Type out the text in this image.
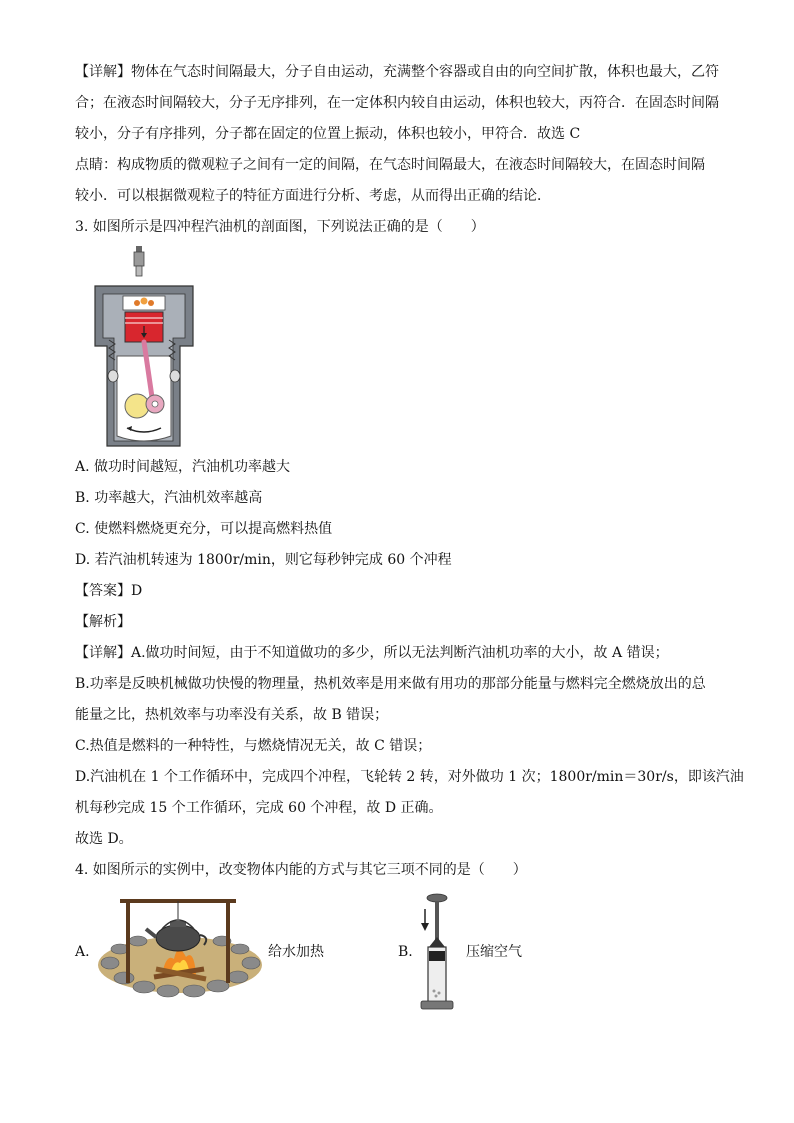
【详解】物体在气态时间隔最大，分子自由运动，充满整个容器或自由的向空间扩散，体积也最大，乙符
合；在液态时间隔较大，分子无序排列，在一定体积内较自由运动，体积也较大，丙符合．在固态时间隔
较小，分子有序排列，分子都在固定的位置上振动，体积也较小，甲符合．故选 C
点睛：构成物质的微观粒子之间有一定的间隔，在气态时间隔最大，在液态时间隔较大，在固态时间隔
较小．可以根据微观粒子的特征方面进行分析、考虑，从而得出正确的结论．
3. 如图所示是四冲程汽油机的剖面图，下列说法正确的是（　　）
A. 做功时间越短，汽油机功率越大
B. 功率越大，汽油机效率越高
C. 使燃料燃烧更充分，可以提高燃料热值
D. 若汽油机转速为 1800r/min，则它每秒钟完成 60 个冲程
【答案】D
【解析】
【详解】A.做功时间短，由于不知道做功的多少，所以无法判断汽油机功率的大小，故 A 错误；
B.功率是反映机械做功快慢的物理量，热机效率是用来做有用功的那部分能量与燃料完全燃烧放出的总
能量之比，热机效率与功率没有关系，故 B 错误；
C.热值是燃料的一种特性，与燃烧情况无关，故 C 错误；
D.汽油机在 1 个工作循环中，完成四个冲程，飞轮转 2 转，对外做功 1 次；1800r/min＝30r/s，即该汽油
机每秒完成 15 个工作循环，完成 60 个冲程，故 D 正确。
故选 D。
4. 如图所示的实例中，改变物体内能的方式与其它三项不同的是（　　）
A.	给水加热	B.	压缩空气
